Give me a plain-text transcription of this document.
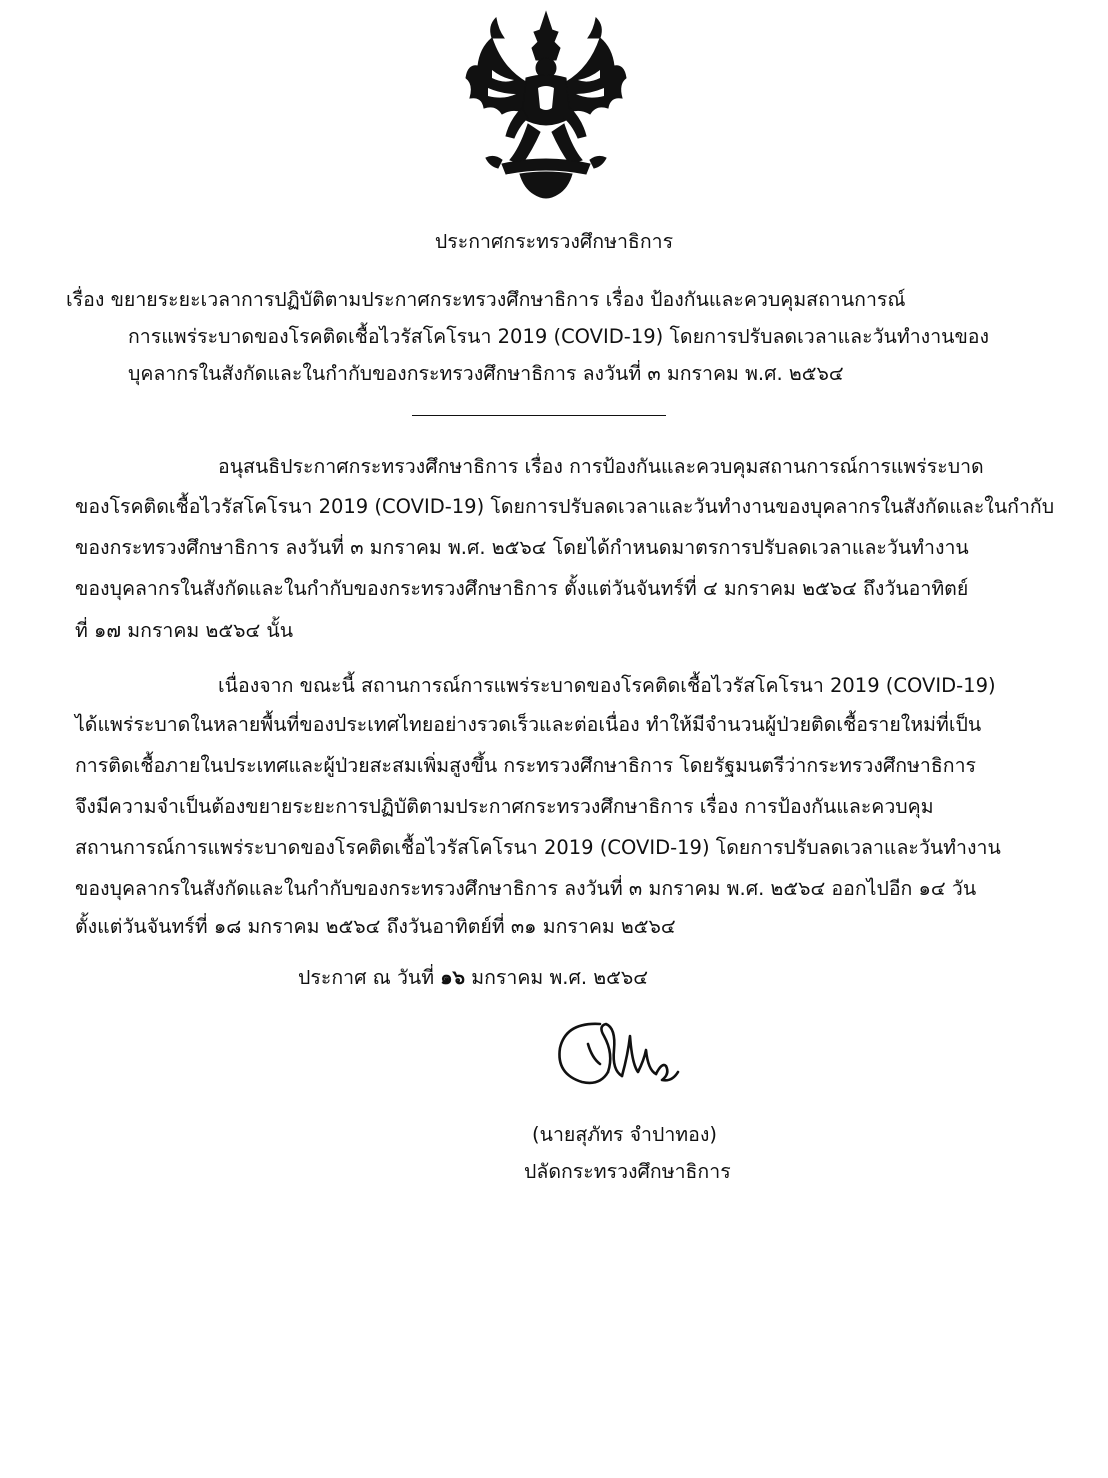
ประกาศกระทรวงศึกษาธิการ
เรื่อง ขยายระยะเวลาการปฏิบัติตามประกาศกระทรวงศึกษาธิการ เรื่อง ป้องกันและควบคุมสถานการณ์
การแพร่ระบาดของโรคติดเชื้อไวรัสโคโรนา 2019 (COVID-19) โดยการปรับลดเวลาและวันทำงานของ
บุคลากรในสังกัดและในกำกับของกระทรวงศึกษาธิการ ลงวันที่ ๓ มกราคม พ.ศ. ๒๕๖๔
อนุสนธิประกาศกระทรวงศึกษาธิการ เรื่อง การป้องกันและควบคุมสถานการณ์การแพร่ระบาด
ของโรคติดเชื้อไวรัสโคโรนา 2019 (COVID-19) โดยการปรับลดเวลาและวันทำงานของบุคลากรในสังกัดและในกำกับ
ของกระทรวงศึกษาธิการ ลงวันที่ ๓ มกราคม พ.ศ. ๒๕๖๔ โดยได้กำหนดมาตรการปรับลดเวลาและวันทำงาน
ของบุคลากรในสังกัดและในกำกับของกระทรวงศึกษาธิการ ตั้งแต่วันจันทร์ที่ ๔ มกราคม ๒๕๖๔ ถึงวันอาทิตย์
ที่ ๑๗ มกราคม ๒๕๖๔ นั้น
เนื่องจาก ขณะนี้ สถานการณ์การแพร่ระบาดของโรคติดเชื้อไวรัสโคโรนา 2019 (COVID-19)
ได้แพร่ระบาดในหลายพื้นที่ของประเทศไทยอย่างรวดเร็วและต่อเนื่อง ทำให้มีจำนวนผู้ป่วยติดเชื้อรายใหม่ที่เป็น
การติดเชื้อภายในประเทศและผู้ป่วยสะสมเพิ่มสูงขึ้น กระทรวงศึกษาธิการ โดยรัฐมนตรีว่ากระทรวงศึกษาธิการ
จึงมีความจำเป็นต้องขยายระยะการปฏิบัติตามประกาศกระทรวงศึกษาธิการ เรื่อง การป้องกันและควบคุม
สถานการณ์การแพร่ระบาดของโรคติดเชื้อไวรัสโคโรนา 2019 (COVID-19) โดยการปรับลดเวลาและวันทำงาน
ของบุคลากรในสังกัดและในกำกับของกระทรวงศึกษาธิการ ลงวันที่ ๓ มกราคม พ.ศ. ๒๕๖๔ ออกไปอีก ๑๔ วัน
ตั้งแต่วันจันทร์ที่ ๑๘ มกราคม ๒๕๖๔ ถึงวันอาทิตย์ที่ ๓๑ มกราคม ๒๕๖๔
ประกาศ ณ วันที่ ๑๖ มกราคม พ.ศ. ๒๕๖๔
(นายสุภัทร จำปาทอง)
ปลัดกระทรวงศึกษาธิการ
